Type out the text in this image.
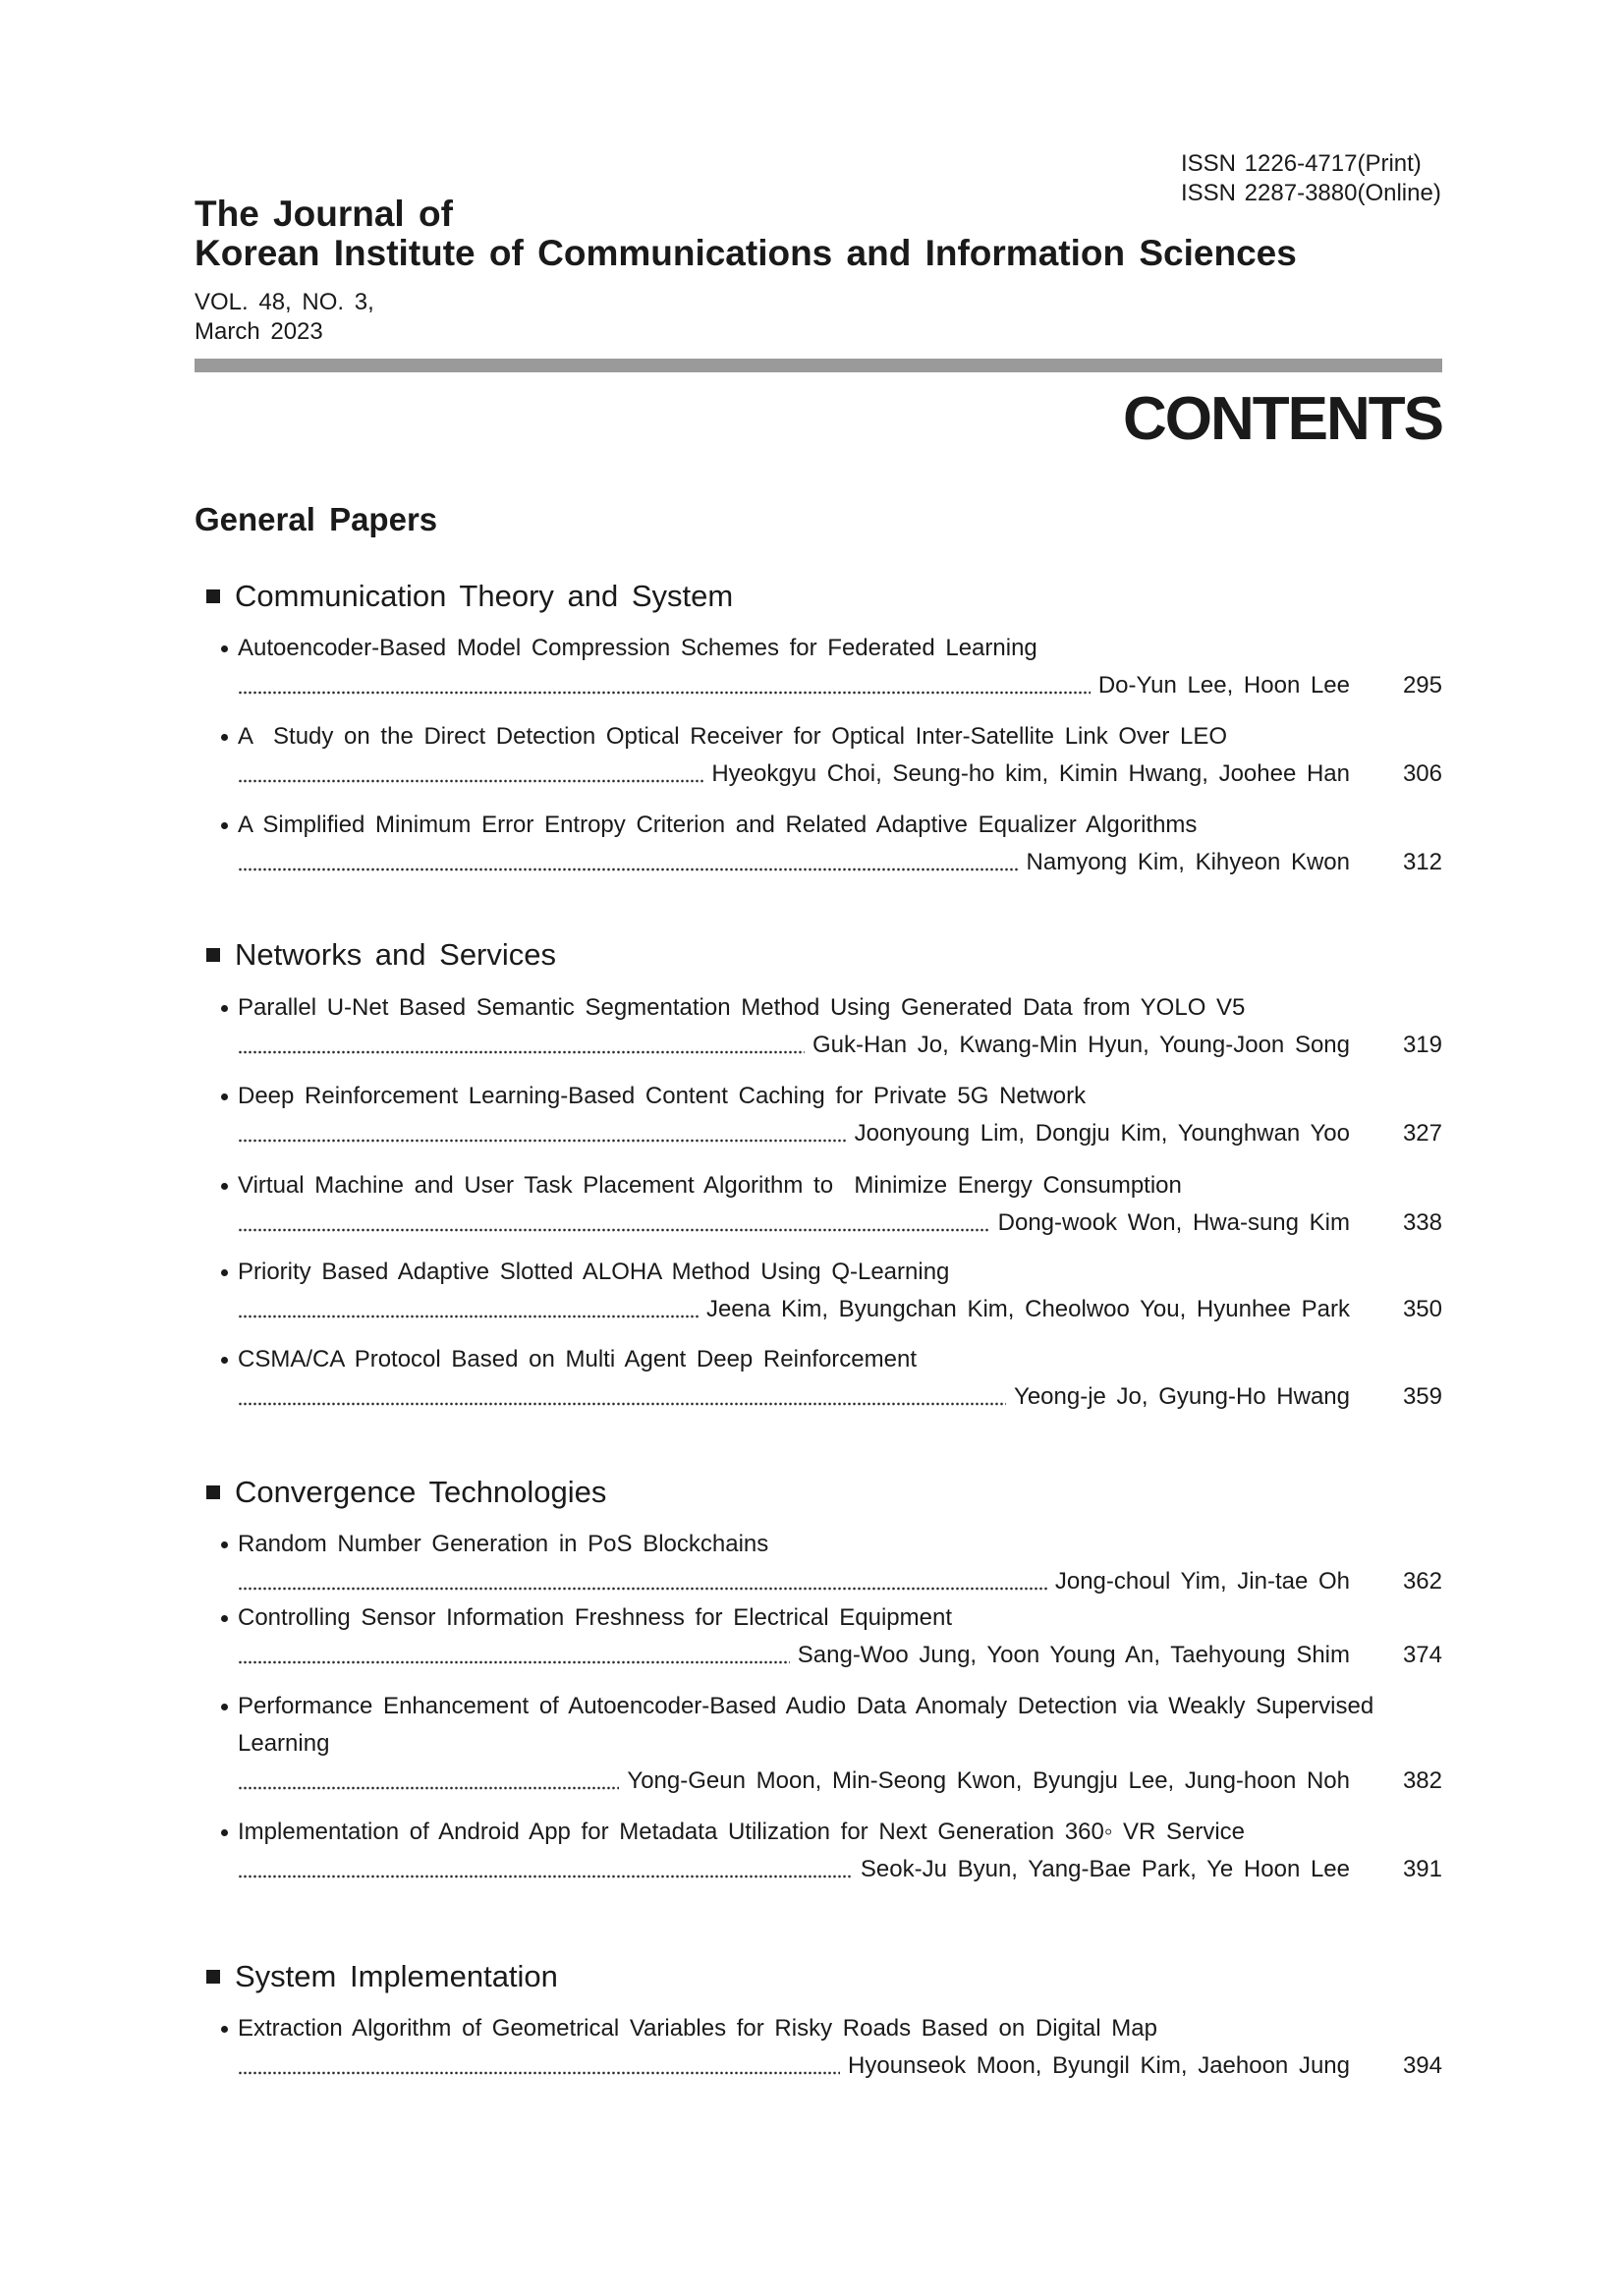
ISSN 1226-4717(Print)
ISSN 2287-3880(Online)
The Journal of
Korean Institute of Communications and Information Sciences
VOL. 48, NO. 3,
March 2023
CONTENTS
General Papers
Communication Theory and System
Autoencoder-Based Model Compression Schemes for Federated Learning
Do-Yun Lee, Hoon Lee	295
A  Study on the Direct Detection Optical Receiver for Optical Inter-Satellite Link Over LEO
Hyeokgyu Choi, Seung-ho kim, Kimin Hwang, Joohee Han	306
A Simplified Minimum Error Entropy Criterion and Related Adaptive Equalizer Algorithms
Namyong Kim, Kihyeon Kwon	312
Networks and Services
Parallel U-Net Based Semantic Segmentation Method Using Generated Data from YOLO V5
Guk-Han Jo, Kwang-Min Hyun, Young-Joon Song	319
Deep Reinforcement Learning-Based Content Caching for Private 5G Network
Joonyoung Lim, Dongju Kim, Younghwan Yoo	327
Virtual Machine and User Task Placement Algorithm to  Minimize Energy Consumption
Dong-wook Won, Hwa-sung Kim	338
Priority Based Adaptive Slotted ALOHA Method Using Q-Learning
Jeena Kim, Byungchan Kim, Cheolwoo You, Hyunhee Park	350
CSMA/CA Protocol Based on Multi Agent Deep Reinforcement
Yeong-je Jo, Gyung-Ho Hwang	359
Convergence Technologies
Random Number Generation in PoS Blockchains
Jong-choul Yim, Jin-tae Oh	362
Controlling Sensor Information Freshness for Electrical Equipment
Sang-Woo Jung, Yoon Young An, Taehyoung Shim	374
Performance Enhancement of Autoencoder-Based Audio Data Anomaly Detection via Weakly Supervised
Learning
Yong-Geun Moon, Min-Seong Kwon, Byungju Lee, Jung-hoon Noh	382
Implementation of Android App for Metadata Utilization for Next Generation 360◦ VR Service
Seok-Ju Byun, Yang-Bae Park, Ye Hoon Lee	391
System Implementation
Extraction Algorithm of Geometrical Variables for Risky Roads Based on Digital Map
Hyounseok Moon, Byungil Kim, Jaehoon Jung	394
